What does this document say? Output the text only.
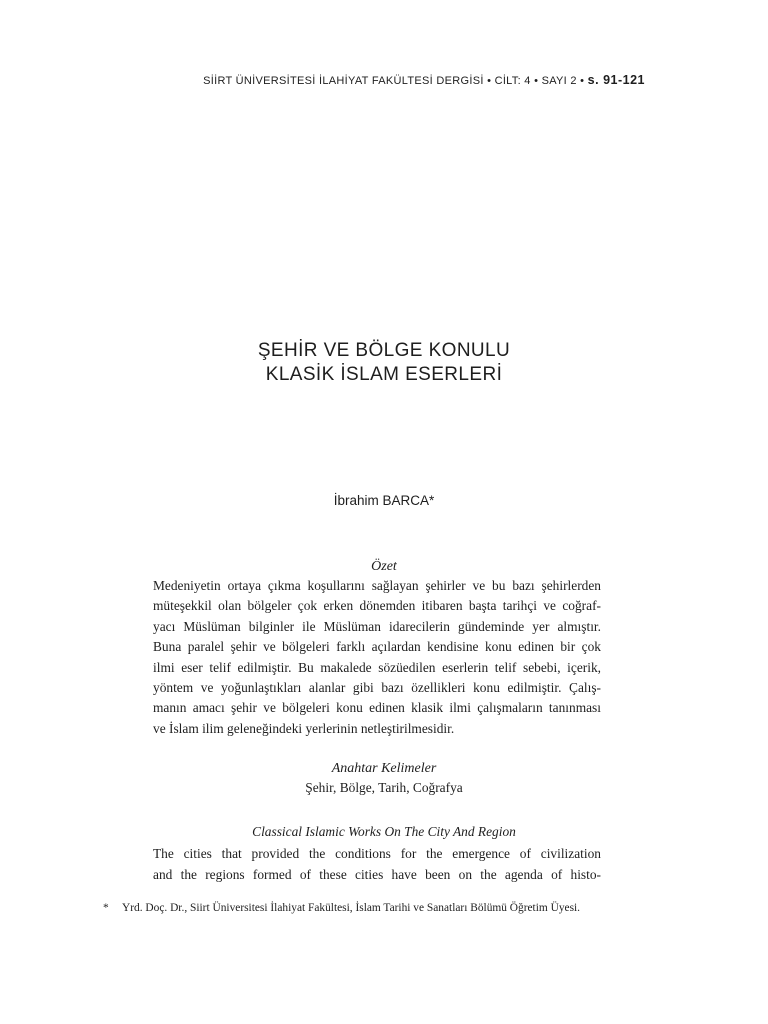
SİİRT ÜNİVERSİTESİ İLAHİYAT FAKÜLTESİ DERGİSİ • CİLT: 4 • SAYI 2 • s. 91-121
ŞEHİR VE BÖLGE KONULU
KLASİK İSLAM ESERLERİ
İbrahim BARCA*
Özet
Medeniyetin ortaya çıkma koşullarını sağlayan şehirler ve bu bazı şehirlerden
müteşekkil olan bölgeler çok erken dönemden itibaren başta tarihçi ve coğraf-
yacı Müslüman bilginler ile Müslüman idarecilerin gündeminde yer almıştır.
Buna paralel şehir ve bölgeleri farklı açılardan kendisine konu edinen bir çok
ilmi eser telif edilmiştir. Bu makalede sözüedilen eserlerin telif sebebi, içerik,
yöntem ve yoğunlaştıkları alanlar gibi bazı özellikleri konu edilmiştir. Çalış-
manın amacı şehir ve bölgeleri konu edinen klasik ilmi çalışmaların tanınması
ve İslam ilim geleneğindeki yerlerinin netleştirilmesidir.
Anahtar Kelimeler
Şehir, Bölge, Tarih, Coğrafya
Classical Islamic Works On The City And Region
The cities that provided the conditions for the emergence of civilization
and the regions formed of these cities have been on the agenda of histo-
* Yrd. Doç. Dr., Siirt Üniversitesi İlahiyat Fakültesi, İslam Tarihi ve Sanatları Bölümü Öğretim Üyesi.
